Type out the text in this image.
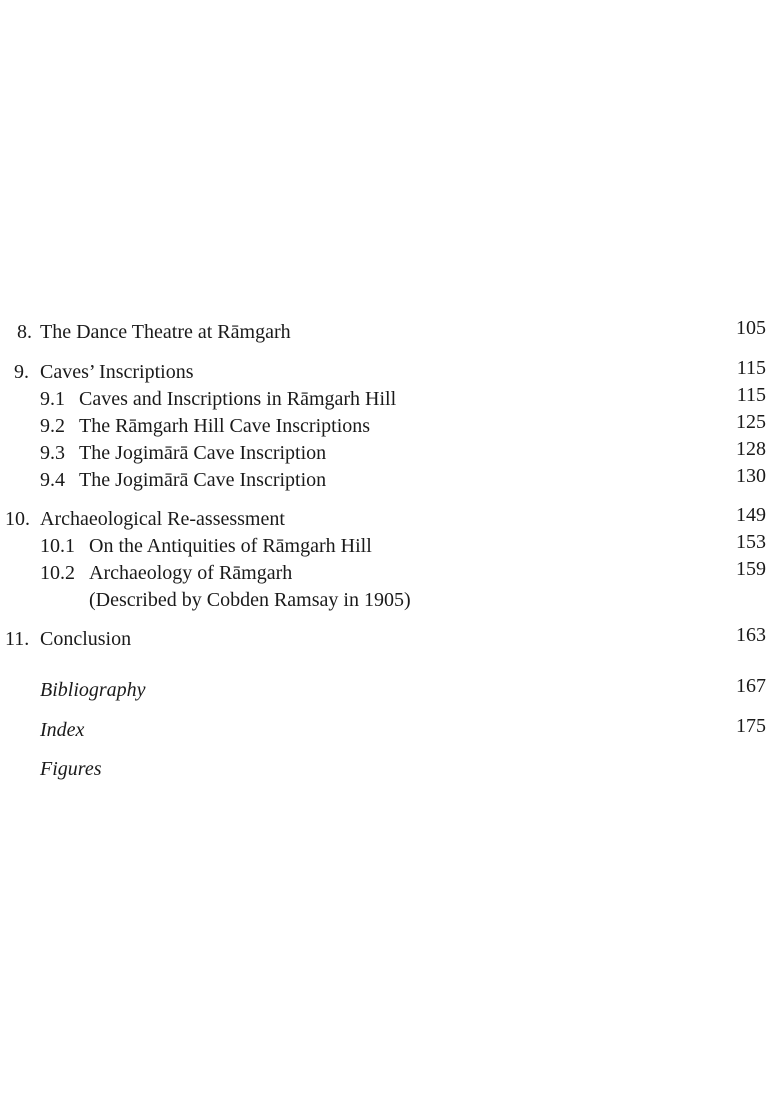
8. The Dance Theatre at Rāmgarh	105
9. Caves’ Inscriptions	115
9.1 Caves and Inscriptions in Rāmgarh Hill	115
9.2 The Rāmgarh Hill Cave Inscriptions	125
9.3 The Jogimārā Cave Inscription	128
9.4 The Jogimārā Cave Inscription	130
10. Archaeological Re-assessment	149
10.1 On the Antiquities of Rāmgarh Hill	153
10.2 Archaeology of Rāmgarh	159
(Described by Cobden Ramsay in 1905)
11. Conclusion	163
Bibliography	167
Index	175
Figures
